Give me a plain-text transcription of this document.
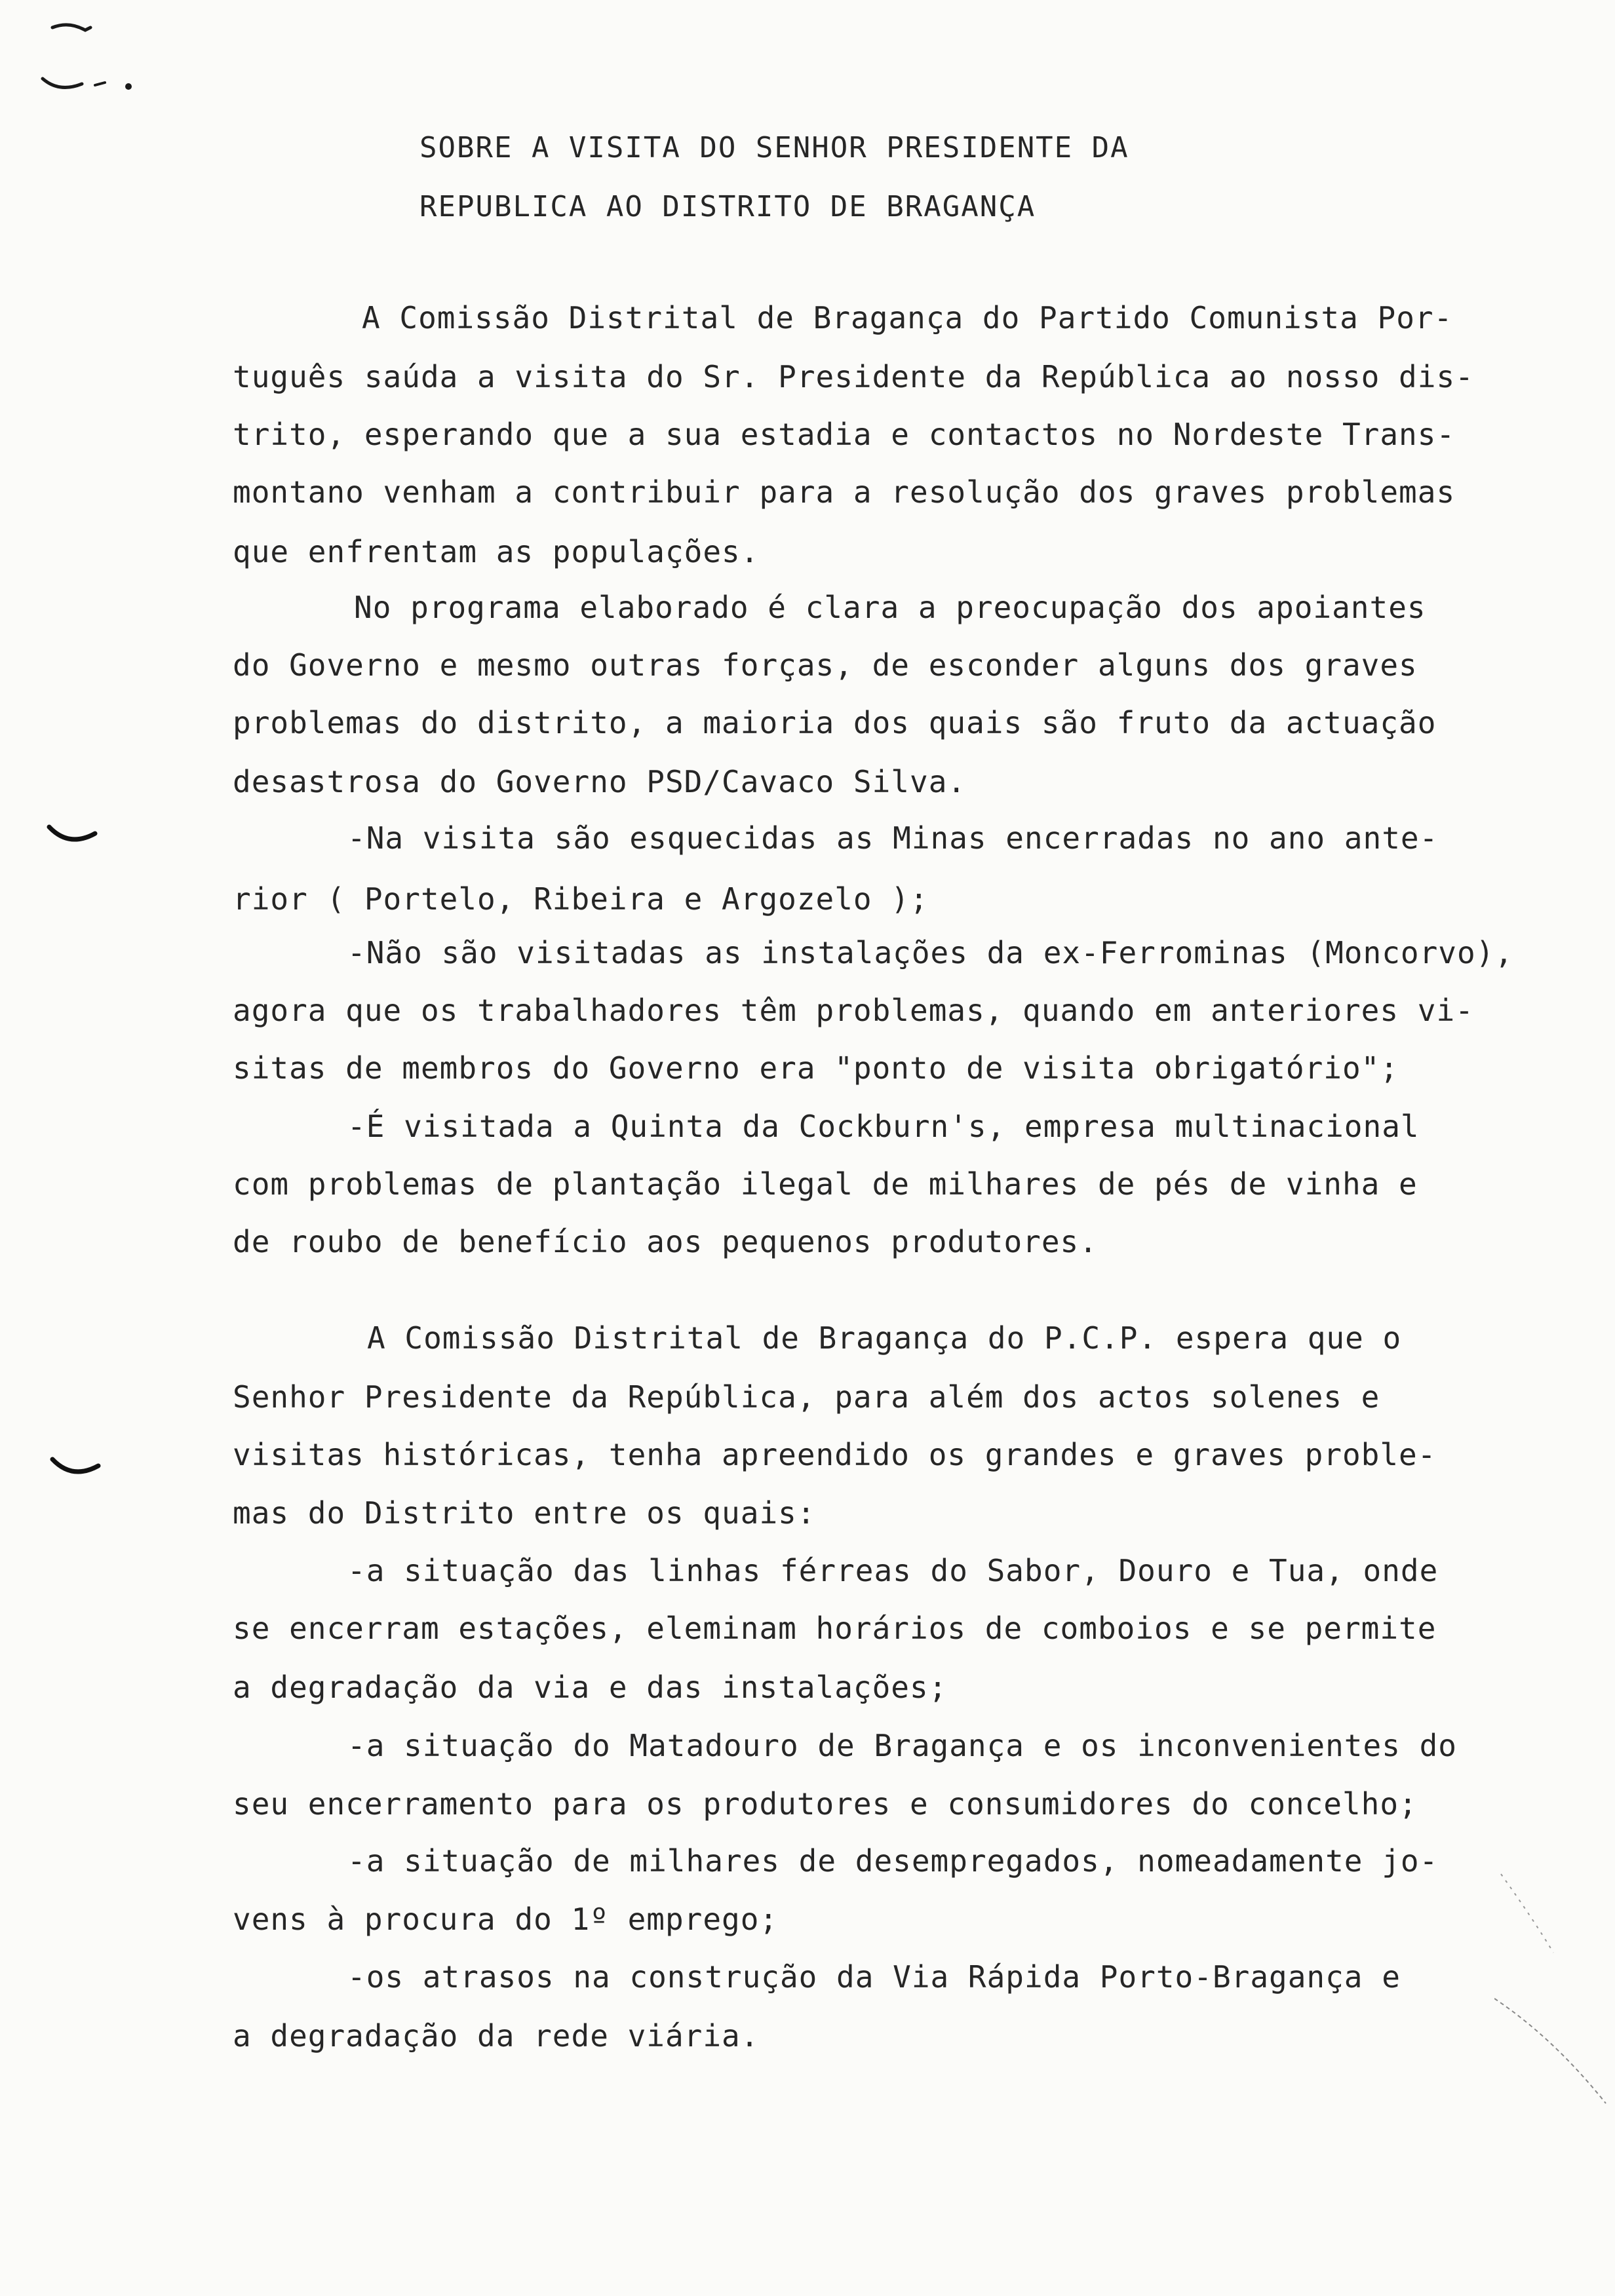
SOBRE A VISITA DO SENHOR PRESIDENTE DA
REPUBLICA AO DISTRITO DE BRAGANÇA
A Comissão Distrital de Bragança do Partido Comunista Por-
tuguês saúda a visita do Sr. Presidente da República ao nosso dis-
trito, esperando que a sua estadia e contactos no Nordeste Trans-
montano venham a contribuir para a resolução dos graves problemas
que enfrentam as populações.
No programa elaborado é clara a preocupação dos apoiantes
do Governo e mesmo outras forças, de esconder alguns dos graves
problemas do distrito, a maioria dos quais são fruto da actuação
desastrosa do Governo PSD/Cavaco Silva.
-Na visita são esquecidas as Minas encerradas no ano ante-
rior ( Portelo, Ribeira e Argozelo );
-Não são visitadas as instalações da ex-Ferrominas (Moncorvo),
agora que os trabalhadores têm problemas, quando em anteriores vi-
sitas de membros do Governo era "ponto de visita obrigatório";
-É visitada a Quinta da Cockburn's, empresa multinacional
com problemas de plantação ilegal de milhares de pés de vinha e
de roubo de benefício aos pequenos produtores.
A Comissão Distrital de Bragança do P.C.P. espera que o
Senhor Presidente da República, para além dos actos solenes e
visitas históricas, tenha apreendido os grandes e graves proble-
mas do Distrito entre os quais:
-a situação das linhas férreas do Sabor, Douro e Tua, onde
se encerram estações, eleminam horários de comboios e se permite
a degradação da via e das instalações;
-a situação do Matadouro de Bragança e os inconvenientes do
seu encerramento para os produtores e consumidores do concelho;
-a situação de milhares de desempregados, nomeadamente jo-
vens à procura do 1º emprego;
-os atrasos na construção da Via Rápida Porto-Bragança e
a degradação da rede viária.
